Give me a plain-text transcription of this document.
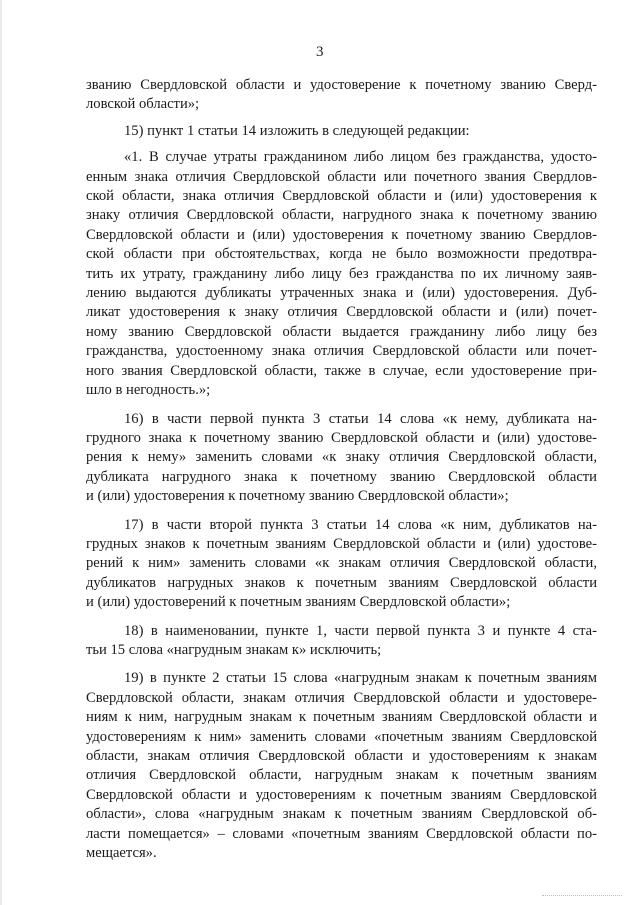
3
званию Свердловской области и удостоверение к почетному званию Сверд-
ловской области»;
15) пункт 1 статьи 14 изложить в следующей редакции:
«1. В случае утраты гражданином либо лицом без гражданства, удосто-
енным знака отличия Свердловской области или почетного звания Свердлов-
ской области, знака отличия Свердловской области и (или) удостоверения к
знаку отличия Свердловской области, нагрудного знака к почетному званию
Свердловской области и (или) удостоверения к почетному званию Свердлов-
ской области при обстоятельствах, когда не было возможности предотвра-
тить их утрату, гражданину либо лицу без гражданства по их личному заяв-
лению выдаются дубликаты утраченных знака и (или) удостоверения. Дуб-
ликат удостоверения к знаку отличия Свердловской области и (или) почет-
ному званию Свердловской области выдается гражданину либо лицу без
гражданства, удостоенному знака отличия Свердловской области или почет-
ного звания Свердловской области, также в случае, если удостоверение при-
шло в негодность.»;
16) в части первой пункта 3 статьи 14 слова «к нему, дубликата на-
грудного знака к почетному званию Свердловской области и (или) удостове-
рения к нему» заменить словами «к знаку отличия Свердловской области,
дубликата нагрудного знака к почетному званию Свердловской области
и (или) удостоверения к почетному званию Свердловской области»;
17) в части второй пункта 3 статьи 14 слова «к ним, дубликатов на-
грудных знаков к почетным званиям Свердловской области и (или) удостове-
рений к ним» заменить словами «к знакам отличия Свердловской области,
дубликатов нагрудных знаков к почетным званиям Свердловской области
и (или) удостоверений к почетным званиям Свердловской области»;
18) в наименовании, пункте 1, части первой пункта 3 и пункте 4 ста-
тьи 15 слова «нагрудным знакам к» исключить;
19) в пункте 2 статьи 15 слова «нагрудным знакам к почетным званиям
Свердловской области, знакам отличия Свердловской области и удостовере-
ниям к ним, нагрудным знакам к почетным званиям Свердловской области и
удостоверениям к ним» заменить словами «почетным званиям Свердловской
области, знакам отличия Свердловской области и удостоверениям к знакам
отличия Свердловской области, нагрудным знакам к почетным званиям
Свердловской области и удостоверениям к почетным званиям Свердловской
области», слова «нагрудным знакам к почетным званиям Свердловской об-
ласти помещается» – словами «почетным званиям Свердловской области по-
мещается».
